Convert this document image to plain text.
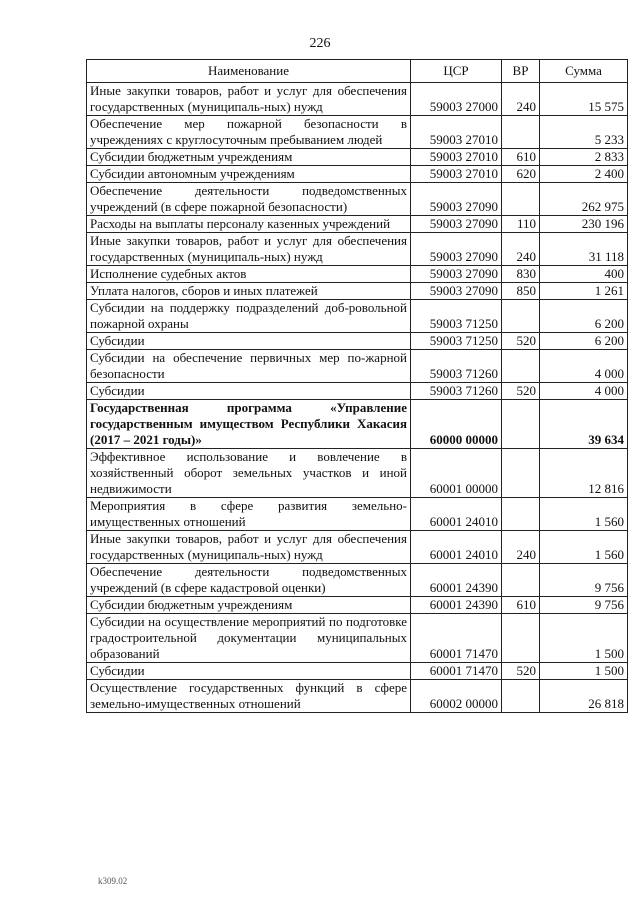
226
Наименование	ЦСР	ВР	Сумма
Иные закупки товаров, работ и услуг для обеспечения государственных (муниципаль-ных) нужд	59003 27000	240	15 575
Обеспечение мер пожарной безопасности в учреждениях с круглосуточным пребыванием людей	59003 27010		5 233
Субсидии бюджетным учреждениям	59003 27010	610	2 833
Субсидии автономным учреждениям	59003 27010	620	2 400
Обеспечение деятельности подведомственных учреждений (в сфере пожарной безопасности)	59003 27090		262 975
Расходы на выплаты персоналу казенных учреждений	59003 27090	110	230 196
Иные закупки товаров, работ и услуг для обеспечения государственных (муниципаль-ных) нужд	59003 27090	240	31 118
Исполнение судебных актов	59003 27090	830	400
Уплата налогов, сборов и иных платежей	59003 27090	850	1 261
Субсидии на поддержку подразделений доб-ровольной пожарной охраны	59003 71250		6 200
Субсидии	59003 71250	520	6 200
Субсидии на обеспечение первичных мер по-жарной безопасности	59003 71260		4 000
Субсидии	59003 71260	520	4 000
Государственная программа «Управление государственным имуществом Республики Хакасия (2017 – 2021 годы)»	60000 00000		39 634
Эффективное использование и вовлечение в хозяйственный оборот земельных участков и иной недвижимости	60001 00000		12 816
Мероприятия в сфере развития земельно-имущественных отношений	60001 24010		1 560
Иные закупки товаров, работ и услуг для обеспечения государственных (муниципаль-ных) нужд	60001 24010	240	1 560
Обеспечение деятельности подведомственных учреждений (в сфере кадастровой оценки)	60001 24390		9 756
Субсидии бюджетным учреждениям	60001 24390	610	9 756
Субсидии на осуществление мероприятий по подготовке градостроительной документации муниципальных образований	60001 71470		1 500
Субсидии	60001 71470	520	1 500
Осуществление государственных функций в сфере земельно-имущественных отношений	60002 00000		26 818
k309.02
